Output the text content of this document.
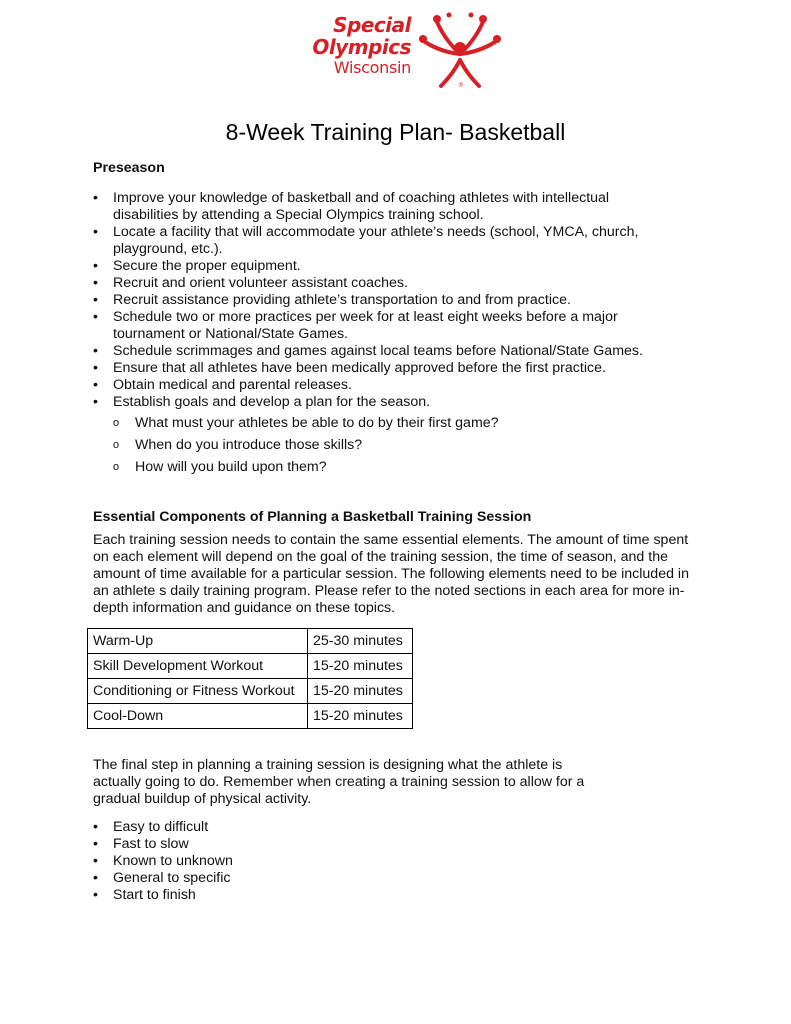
Special
Olympics
Wisconsin
®
8-Week Training Plan- Basketball
Preseason
• Improve your knowledge of basketball and of coaching athletes with intellectual disabilities by attending a Special Olympics training school.
• Locate a facility that will accommodate your athlete’s needs (school, YMCA, church, playground, etc.).
• Secure the proper equipment.
• Recruit and orient volunteer assistant coaches.
• Recruit assistance providing athlete’s transportation to and from practice.
• Schedule two or more practices per week for at least eight weeks before a major tournament or National/State Games.
• Schedule scrimmages and games against local teams before National/State Games.
• Ensure that all athletes have been medically approved before the first practice.
• Obtain medical and parental releases.
• Establish goals and develop a plan for the season.
o What must your athletes be able to do by their first game?
o When do you introduce those skills?
o How will you build upon them?
Essential Components of Planning a Basketball Training Session

Each training session needs to contain the same essential elements. The amount of time spent on each element will depend on the goal of the training session, the time of season, and the amount of time available for a particular session. The following elements need to be included in an athlete s daily training program. Please refer to the noted sections in each area for more in-depth information and guidance on these topics.

Warm-Up	25-30 minutes
Skill Development Workout	15-20 minutes
Conditioning or Fitness Workout	15-20 minutes
Cool-Down	15-20 minutes

The final step in planning a training session is designing what the athlete is actually going to do. Remember when creating a training session to allow for a gradual buildup of physical activity.

• Easy to difficult
• Fast to slow
• Known to unknown
• General to specific
• Start to finish
